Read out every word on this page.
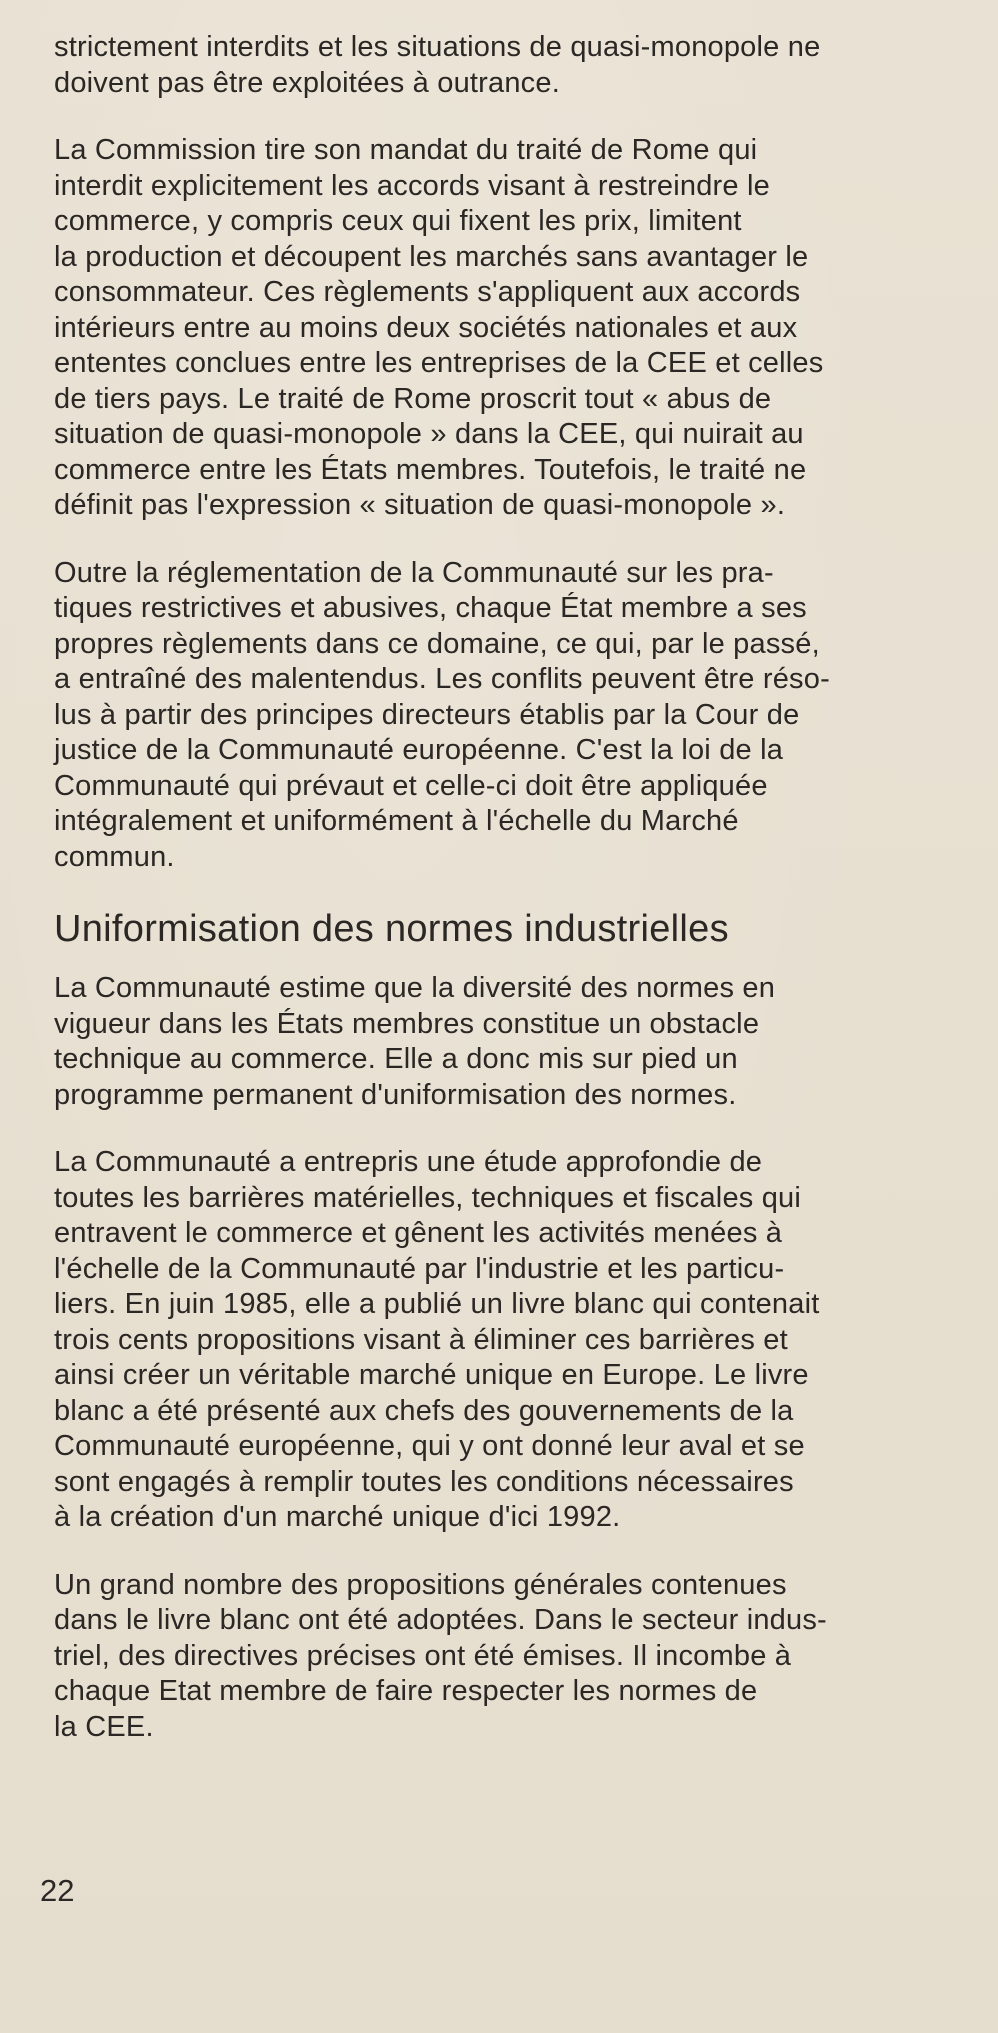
strictement interdits et les situations de quasi-monopole ne
doivent pas être exploitées à outrance.

La Commission tire son mandat du traité de Rome qui
interdit explicitement les accords visant à restreindre le
commerce, y compris ceux qui fixent les prix, limitent
la production et découpent les marchés sans avantager le
consommateur. Ces règlements s'appliquent aux accords
intérieurs entre au moins deux sociétés nationales et aux
ententes conclues entre les entreprises de la CEE et celles
de tiers pays. Le traité de Rome proscrit tout « abus de
situation de quasi-monopole » dans la CEE, qui nuirait au
commerce entre les États membres. Toutefois, le traité ne
définit pas l'expression « situation de quasi-monopole ».

Outre la réglementation de la Communauté sur les pra-
tiques restrictives et abusives, chaque État membre a ses
propres règlements dans ce domaine, ce qui, par le passé,
a entraîné des malentendus. Les conflits peuvent être réso-
lus à partir des principes directeurs établis par la Cour de
justice de la Communauté européenne. C'est la loi de la
Communauté qui prévaut et celle-ci doit être appliquée
intégralement et uniformément à l'échelle du Marché
commun.

Uniformisation des normes industrielles

La Communauté estime que la diversité des normes en
vigueur dans les États membres constitue un obstacle
technique au commerce. Elle a donc mis sur pied un
programme permanent d'uniformisation des normes.

La Communauté a entrepris une étude approfondie de
toutes les barrières matérielles, techniques et fiscales qui
entravent le commerce et gênent les activités menées à
l'échelle de la Communauté par l'industrie et les particu-
liers. En juin 1985, elle a publié un livre blanc qui contenait
trois cents propositions visant à éliminer ces barrières et
ainsi créer un véritable marché unique en Europe. Le livre
blanc a été présenté aux chefs des gouvernements de la
Communauté européenne, qui y ont donné leur aval et se
sont engagés à remplir toutes les conditions nécessaires
à la création d'un marché unique d'ici 1992.

Un grand nombre des propositions générales contenues
dans le livre blanc ont été adoptées. Dans le secteur indus-
triel, des directives précises ont été émises. Il incombe à
chaque Etat membre de faire respecter les normes de
la CEE.

22
